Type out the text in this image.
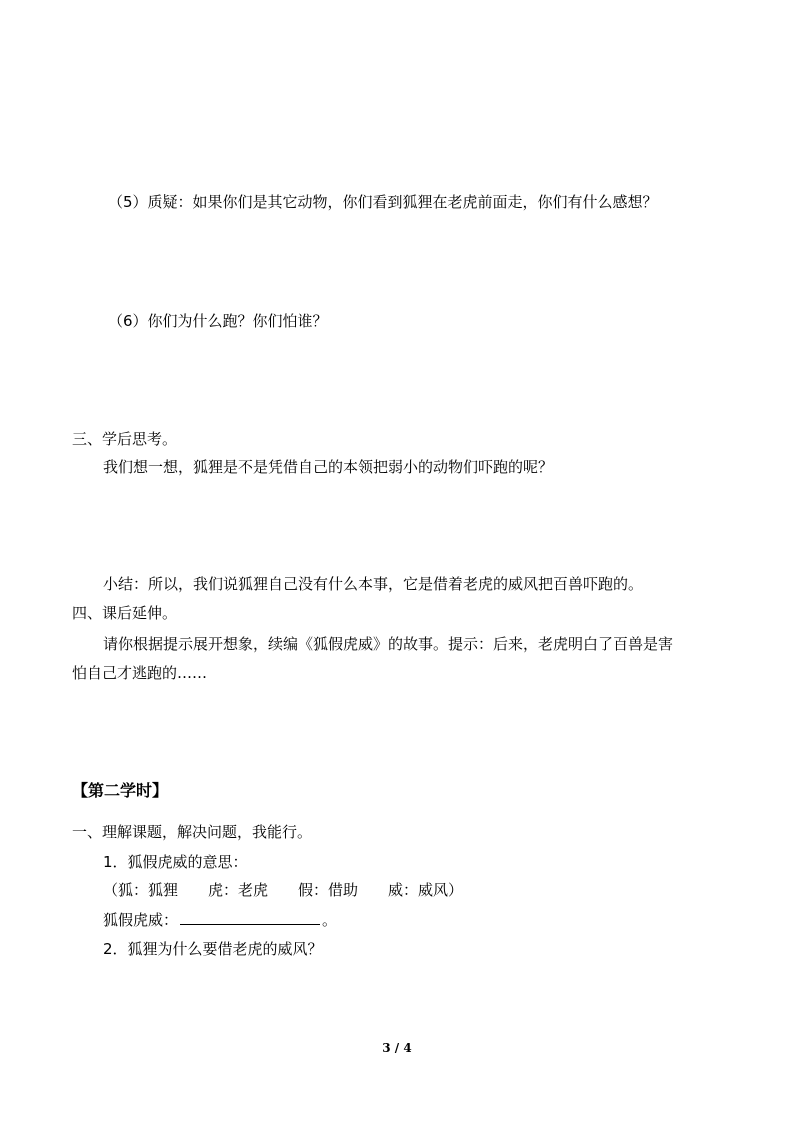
（5）质疑：如果你们是其它动物，你们看到狐狸在老虎前面走，你们有什么感想？
（6）你们为什么跑？你们怕谁？
三、学后思考。
我们想一想，狐狸是不是凭借自己的本领把弱小的动物们吓跑的呢？
小结：所以，我们说狐狸自己没有什么本事，它是借着老虎的威风把百兽吓跑的。
四、课后延伸。
请你根据提示展开想象，续编《狐假虎威》的故事。提示：后来，老虎明白了百兽是害
怕自己才逃跑的……
【第二学时】
一、理解课题，解决问题，我能行。
1．狐假虎威的意思：
（狐：狐狸　　虎：老虎　　假：借助　　威：威风）
狐假虎威：	。
2．狐狸为什么要借老虎的威风？
3 / 4
